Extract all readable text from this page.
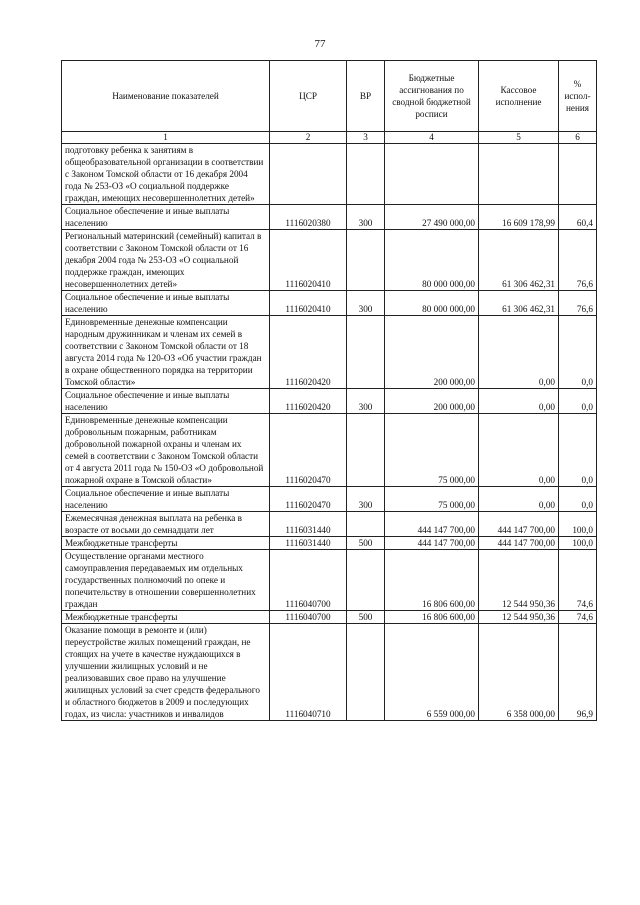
77
Наименование показателей	ЦСР	ВР	Бюджетные ассигнования по сводной бюджетной росписи	Кассовое исполнение	% испол-нения
1	2	3	4	5	6
подготовку ребенка к занятиям в общеобразовательной организации в соответствии с Законом Томской области от 16 декабря 2004 года № 253-ОЗ «О социальной поддержке граждан, имеющих несовершеннолетних детей»					
Социальное обеспечение и иные выплаты населению	1116020380	300	27 490 000,00	16 609 178,99	60,4
Региональный материнский (семейный) капитал в соответствии с Законом Томской области от 16 декабря 2004 года № 253-ОЗ «О социальной поддержке граждан, имеющих несовершеннолетних детей»	1116020410		80 000 000,00	61 306 462,31	76,6
Социальное обеспечение и иные выплаты населению	1116020410	300	80 000 000,00	61 306 462,31	76,6
Единовременные денежные компенсации народным дружинникам и членам их семей в соответствии с Законом Томской области от 18 августа 2014 года № 120-ОЗ «Об участии граждан в охране общественного порядка на территории Томской области»	1116020420		200 000,00	0,00	0,0
Социальное обеспечение и иные выплаты населению	1116020420	300	200 000,00	0,00	0,0
Единовременные денежные компенсации добровольным пожарным, работникам добровольной пожарной охраны и членам их семей в соответствии с Законом Томской области от 4 августа 2011 года № 150-ОЗ «О добровольной пожарной охране в Томской области»	1116020470		75 000,00	0,00	0,0
Социальное обеспечение и иные выплаты населению	1116020470	300	75 000,00	0,00	0,0
Ежемесячная денежная выплата на ребенка в возрасте от восьми до семнадцати лет	1116031440		444 147 700,00	444 147 700,00	100,0
Межбюджетные трансферты	1116031440	500	444 147 700,00	444 147 700,00	100,0
Осуществление органами местного самоуправления передаваемых им отдельных государственных полномочий по опеке и попечительству в отношении совершеннолетних граждан	1116040700		16 806 600,00	12 544 950,36	74,6
Межбюджетные трансферты	1116040700	500	16 806 600,00	12 544 950,36	74,6
Оказание помощи в ремонте и (или) переустройстве жилых помещений граждан, не стоящих на учете в качестве нуждающихся в улучшении жилищных условий и не реализовавших свое право на улучшение жилищных условий за счет средств федерального и областного бюджетов в 2009 и последующих годах, из числа: участников и инвалидов	1116040710		6 559 000,00	6 358 000,00	96,9
